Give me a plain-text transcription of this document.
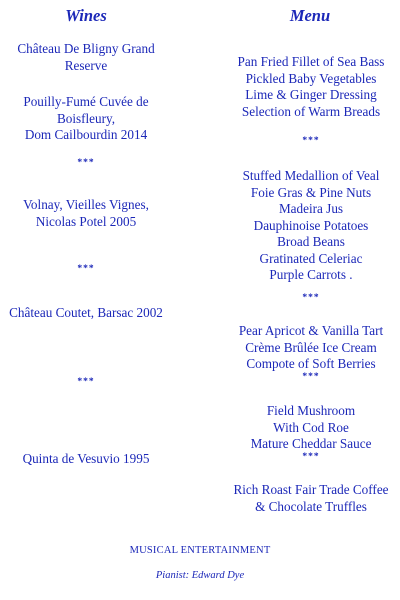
Wines	Menu
Château De Bligny Grand
Reserve
Pouilly-Fumé Cuvée de
Boisfleury,
Dom Cailbourdin 2014
***
Volnay, Vieilles Vignes,
Nicolas Potel 2005
***
Château Coutet, Barsac 2002
***
Quinta de Vesuvio 1995
Pan Fried Fillet of Sea Bass
Pickled Baby Vegetables
Lime & Ginger Dressing
Selection of Warm Breads
***
Stuffed Medallion of Veal
Foie Gras & Pine Nuts
Madeira Jus
Dauphinoise Potatoes
Broad Beans
Gratinated Celeriac
Purple Carrots .
***
Pear Apricot & Vanilla Tart
Crème Brûlée Ice Cream
Compote of Soft Berries
***
Field Mushroom
With Cod Roe
Mature Cheddar Sauce
***
Rich Roast Fair Trade Coffee
& Chocolate Truffles
MUSICAL ENTERTAINMENT
Pianist: Edward Dye
